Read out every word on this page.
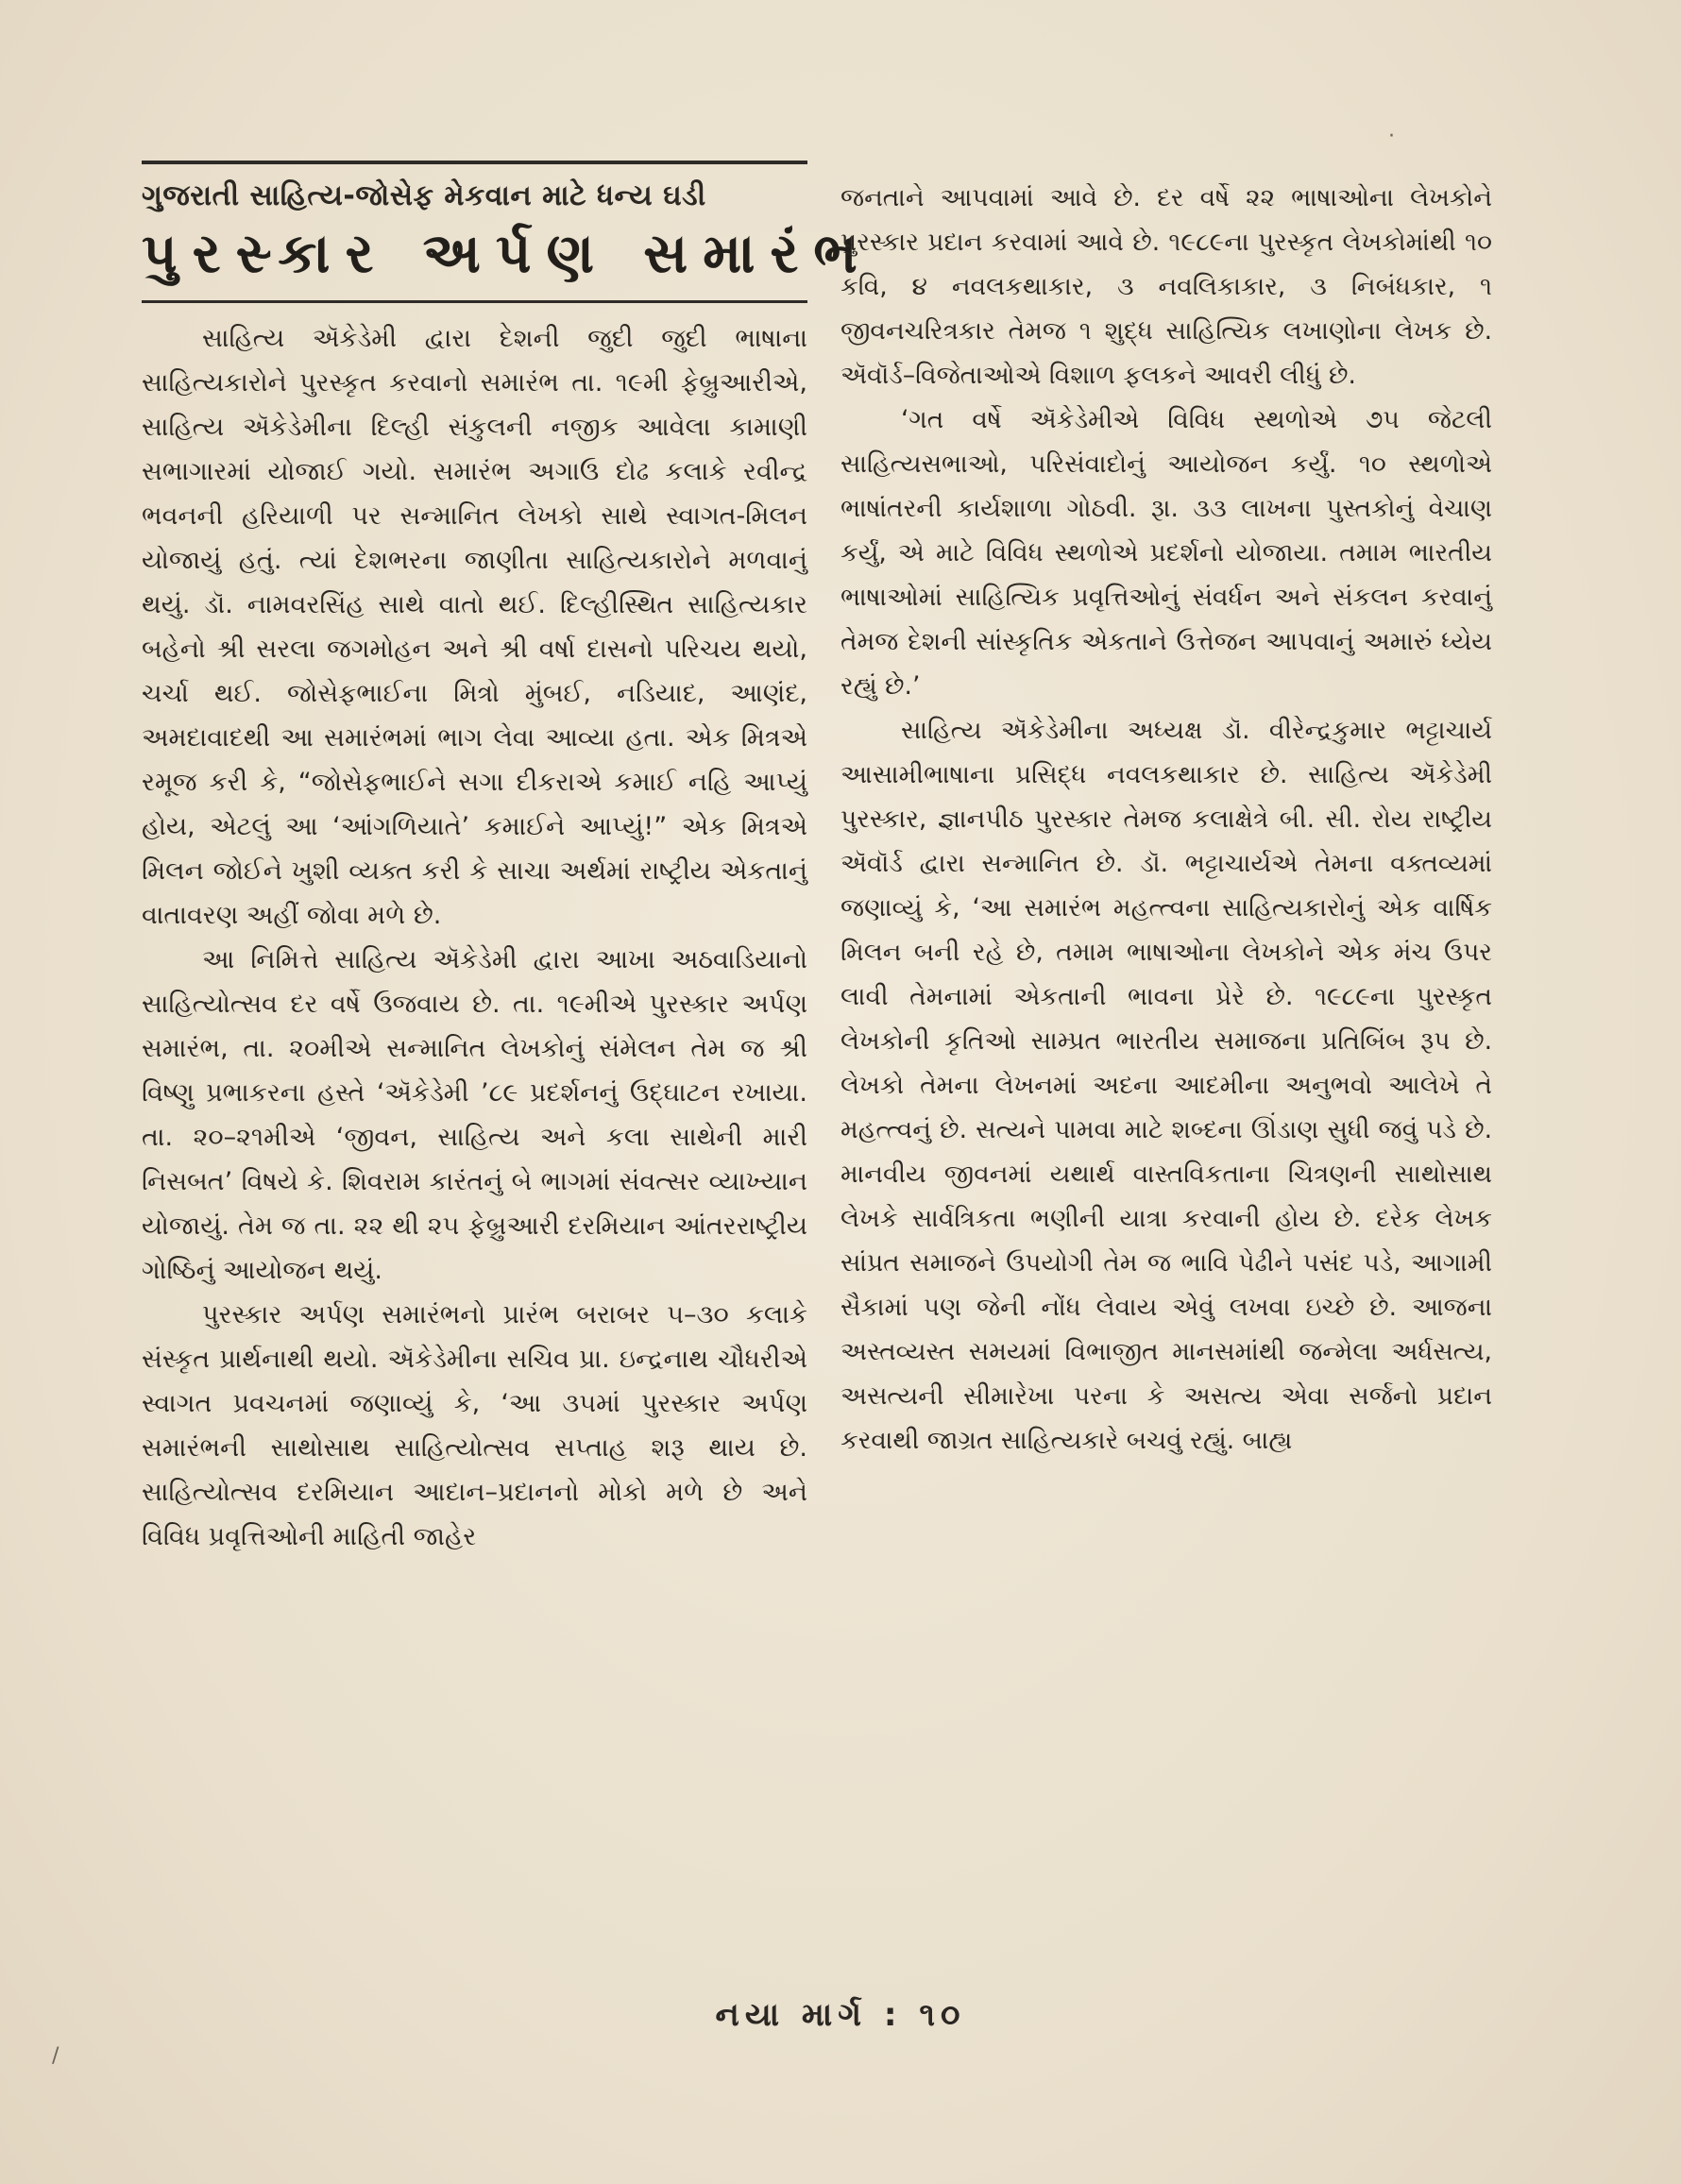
ગુજરાતી સાહિત્ય-જોસેફ મેકવાન માટે ધન્ય ઘડી
પુરસ્કાર અર્પણ સમારંભ

સાહિત્ય ઍકેડેમી દ્વારા દેશની જુદી જુદી ભાષાના સાહિત્યકારોને પુરસ્કૃત કરવાનો સમારંભ તા. ૧૯મી ફેબ્રુઆરીએ, સાહિત્ય ઍકેડેમીના દિલ્હી સંકુલની નજીક આવેલા કામાણી સભાગારમાં યોજાઈ ગયો. સમારંભ અગાઉ દોઢ કલાકે રવીન્દ્ર ભવનની હરિયાળી પર સન્માનિત લેખકો સાથે સ્વાગત-મિલન યોજાયું હતું. ત્યાં દેશભરના જાણીતા સાહિત્યકારોને મળવાનું થયું. ડૉ. નામવરસિંહ સાથે વાતો થઈ. દિલ્હીસ્થિત સાહિત્યકાર બહેનો શ્રી સરલા જગમોહન અને શ્રી વર્ષા દાસનો પરિચય થયો, ચર્ચા થઈ. જોસેફભાઈના મિત્રો મુંબઈ, નડિયાદ, આણંદ, અમદાવાદથી આ સમારંભમાં ભાગ લેવા આવ્યા હતા. એક મિત્રએ રમૂજ કરી કે, “જોસેફભાઈને સગા દીકરાએ કમાઈ નહિ આપ્યું હોય, એટલું આ ‘આંગળિયાતે’ કમાઈને આપ્યું!” એક મિત્રએ મિલન જોઈને ખુશી વ્યક્ત કરી કે સાચા અર્થમાં રાષ્ટ્રીય એકતાનું વાતાવરણ અહીં જોવા મળે છે.

આ નિમિત્તે સાહિત્ય ઍકેડેમી દ્વારા આખા અઠવાડિયાનો સાહિત્યોત્સવ દર વર્ષે ઉજવાય છે. તા. ૧૯મીએ પુરસ્કાર અર્પણ સમારંભ, તા. ૨૦મીએ સન્માનિત લેખકોનું સંમેલન તેમ જ શ્રી વિષ્ણુ પ્રભાકરના હસ્તે ‘ઍકેડેમી ’૮૯ પ્રદર્શનનું ઉદ્ઘાટન રખાયા. તા. ૨૦–૨૧મીએ ‘જીવન, સાહિત્ય અને કલા સાથેની મારી નિસબત’ વિષયે કે. શિવરામ કારંતનું બે ભાગમાં સંવત્સર વ્યાખ્યાન યોજાયું. તેમ જ તા. ૨૨ થી ૨૫ ફેબ્રુઆરી દરમિયાન આંતરરાષ્ટ્રીય ગોષ્ઠિનું આયોજન થયું.

પુરસ્કાર અર્પણ સમારંભનો પ્રારંભ બરાબર ૫–૩૦ કલાકે સંસ્કૃત પ્રાર્થનાથી થયો. ઍકેડેમીના સચિવ પ્રા. ઇન્દ્રનાથ ચૌધરીએ સ્વાગત પ્રવચનમાં જણાવ્યું કે, ‘આ ૩૫માં પુરસ્કાર અર્પણ સમારંભની સાથોસાથ સાહિત્યોત્સવ સપ્તાહ શરૂ થાય છે. સાહિત્યોત્સવ દરમિયાન આદાન–પ્રદાનનો મોકો મળે છે અને વિવિધ પ્રવૃત્તિઓની માહિતી જાહેર

જનતાને આપવામાં આવે છે. દર વર્ષે ૨૨ ભાષાઓના લેખકોને પુરસ્કાર પ્રદાન કરવામાં આવે છે. ૧૯૮૯ના પુરસ્કૃત લેખકોમાંથી ૧૦ કવિ, ૪ નવલકથાકાર, ૩ નવલિકાકાર, ૩ નિબંધકાર, ૧ જીવનચરિત્રકાર તેમજ ૧ શુદ્ધ સાહિત્યિક લખાણોના લેખક છે. ઍવૉર્ડ–વિજેતાઓએ વિશાળ ફલકને આવરી લીધું છે.

‘ગત વર્ષે ઍકેડેમીએ વિવિધ સ્થળોએ ૭૫ જેટલી સાહિત્યસભાઓ, પરિસંવાદોનું આયોજન કર્યું. ૧૦ સ્થળોએ ભાષાંતરની કાર્યશાળા ગોઠવી. રૂા. ૩૩ લાખના પુસ્તકોનું વેચાણ કર્યું, એ માટે વિવિધ સ્થળોએ પ્રદર્શનો યોજાયા. તમામ ભારતીય ભાષાઓમાં સાહિત્યિક પ્રવૃત્તિઓનું સંવર્ધન અને સંકલન કરવાનું તેમજ દેશની સાંસ્કૃતિક એકતાને ઉત્તેજન આપવાનું અમારું ધ્યેય રહ્યું છે.’

સાહિત્ય ઍકેડેમીના અધ્યક્ષ ડૉ. વીરેન્દ્રકુમાર ભટ્ટાચાર્ય આસામીભાષાના પ્રસિદ્ધ નવલકથાકાર છે. સાહિત્ય ઍકેડેમી પુરસ્કાર, જ્ઞાનપીઠ પુરસ્કાર તેમજ કલાક્ષેત્રે બી. સી. રોય રાષ્ટ્રીય ઍવૉર્ડ દ્વારા સન્માનિત છે. ડૉ. ભટ્ટાચાર્યએ તેમના વક્તવ્યમાં જણાવ્યું કે, ‘આ સમારંભ મહત્ત્વના સાહિત્યકારોનું એક વાર્ષિક મિલન બની રહે છે, તમામ ભાષાઓના લેખકોને એક મંચ ઉપર લાવી તેમનામાં એકતાની ભાવના પ્રેરે છે. ૧૯૮૯ના પુરસ્કૃત લેખકોની કૃતિઓ સામ્પ્રત ભારતીય સમાજના પ્રતિબિંબ રૂપ છે. લેખકો તેમના લેખનમાં અદના આદમીના અનુભવો આલેખે તે મહત્ત્વનું છે. સત્યને પામવા માટે શબ્દના ઊંડાણ સુધી જવું પડે છે. માનવીય જીવનમાં યથાર્થ વાસ્તવિકતાના ચિત્રણની સાથોસાથ લેખકે સાર્વત્રિકતા ભણીની યાત્રા કરવાની હોય છે. દરેક લેખક સાંપ્રત સમાજને ઉપયોગી તેમ જ ભાવિ પેઢીને પસંદ પડે, આગામી સૈકામાં પણ જેની નોંધ લેવાય એવું લખવા ઇચ્છે છે. આજના અસ્તવ્યસ્ત સમયમાં વિભાજીત માનસમાંથી જન્મેલા અર્ધસત્ય, અસત્યની સીમારેખા પરના કે અસત્ય એવા સર્જનો પ્રદાન કરવાથી જાગ્રત સાહિત્યકારે બચવું રહ્યું. બાહ્ય

નયા માર્ગ : ૧૦
·
/
